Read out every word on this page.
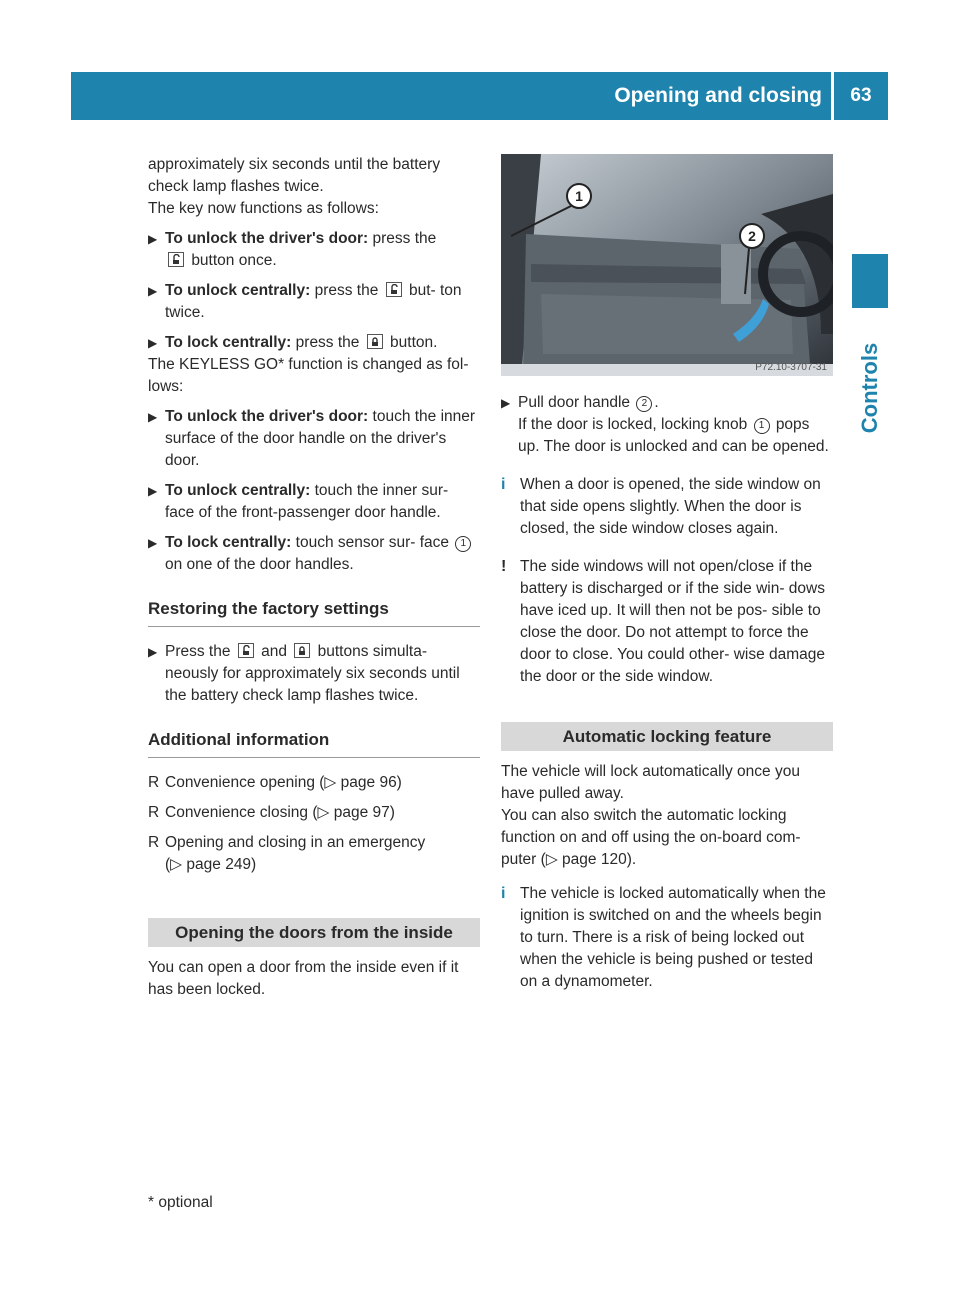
Opening and closing	63
Controls

approximately six seconds until the battery check lamp flashes twice.

The key now functions as follows:

▶ To unlock the driver's door: press the

button once.
▶ To unlock centrally: press the but- ton twice.
▶ To lock centrally: press the button.

The KEYLESS GO* function is changed as fol- lows:

▶ To unlock the driver's door: touch the inner surface of the door handle on the driver's door.
▶ To unlock centrally: touch the inner sur- face of the front-passenger door handle.
▶ To lock centrally: touch sensor sur- face 1 on one of the door handles.
Restoring the factory settings
▶ Press the and buttons simulta- neously for approximately six seconds until the battery check lamp flashes twice.
Additional information
R Convenience opening (▷ page 96)
R Convenience closing (▷ page 97)
R Opening and closing in an emergency (▷ page 249)
Opening the doors from the inside

You can open a door from the inside even if it has been locked.

1
2
P72.10-3707-31
▶ Pull door handle 2 .
If the door is locked, locking knob 1 pops up. The door is unlocked and can be opened.
i When a door is opened, the side window on that side opens slightly. When the door is closed, the side window closes again.
! The side windows will not open/close if the battery is discharged or if the side win- dows have iced up. It will then not be pos- sible to close the door. Do not attempt to force the door to close. You could other- wise damage the door or the side window.
Automatic locking feature

The vehicle will lock automatically once you have pulled away.

You can also switch the automatic locking function on and off using the on-board com- puter (▷ page 120).

i The vehicle is locked automatically when the ignition is switched on and the wheels begin to turn. There is a risk of being locked out when the vehicle is being pushed or tested on a dynamometer.
* optional
